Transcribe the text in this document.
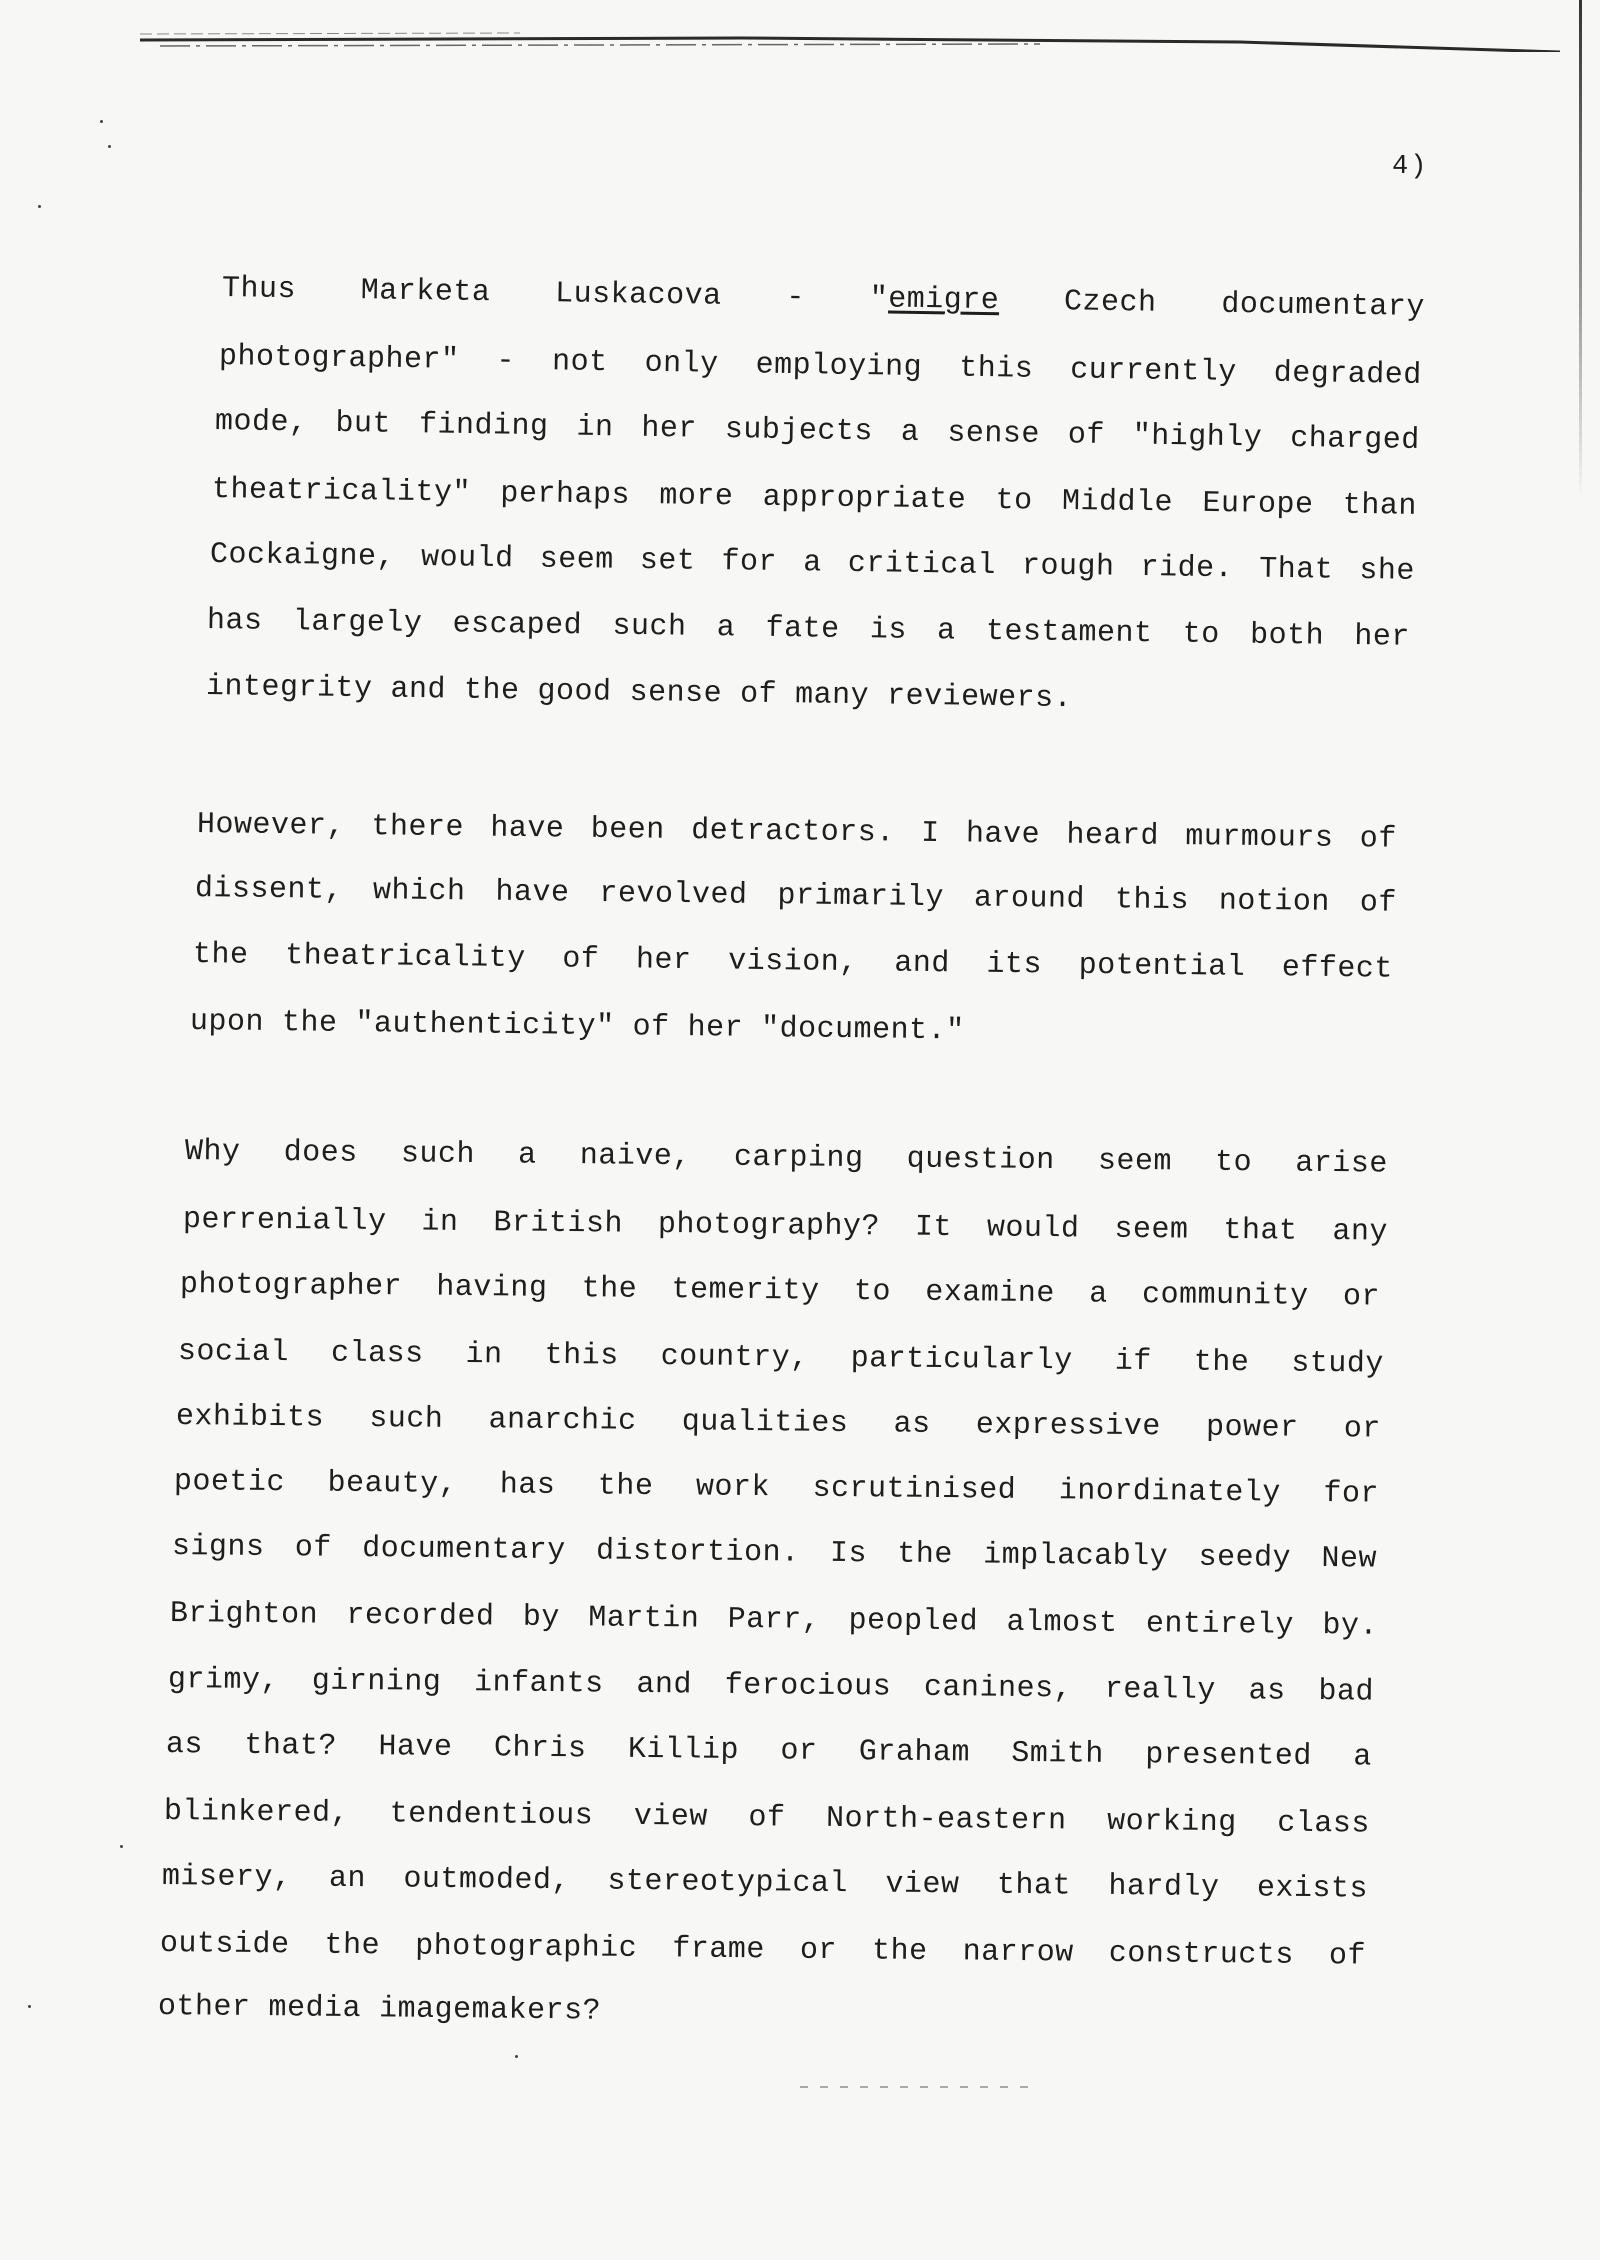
4)
Thus Marketa Luskacova - "emigre Czech documentary
photographer" - not only employing this currently degraded
mode, but finding in her subjects a sense of "highly charged
theatricality" perhaps more appropriate to Middle Europe than
Cockaigne, would seem set for a critical rough ride. That she
has largely escaped such a fate is a testament to both her
integrity and the good sense of many reviewers.
However, there have been detractors. I have heard murmours of
dissent, which have revolved primarily around this notion of
the theatricality of her vision, and its potential effect
upon the "authenticity" of her "document."
Why does such a naive, carping question seem to arise
perrenially in British photography? It would seem that any
photographer having the temerity to examine a community or
social class in this country, particularly if the study
exhibits such anarchic qualities as expressive power or
poetic beauty, has the work scrutinised inordinately for
signs of documentary distortion. Is the implacably seedy New
Brighton recorded by Martin Parr, peopled almost entirely by.
grimy, girning infants and ferocious canines, really as bad
as that? Have Chris Killip or Graham Smith presented a
blinkered, tendentious view of North-eastern working class
misery, an outmoded, stereotypical view that hardly exists
outside the photographic frame or the narrow constructs of
other media imagemakers?
